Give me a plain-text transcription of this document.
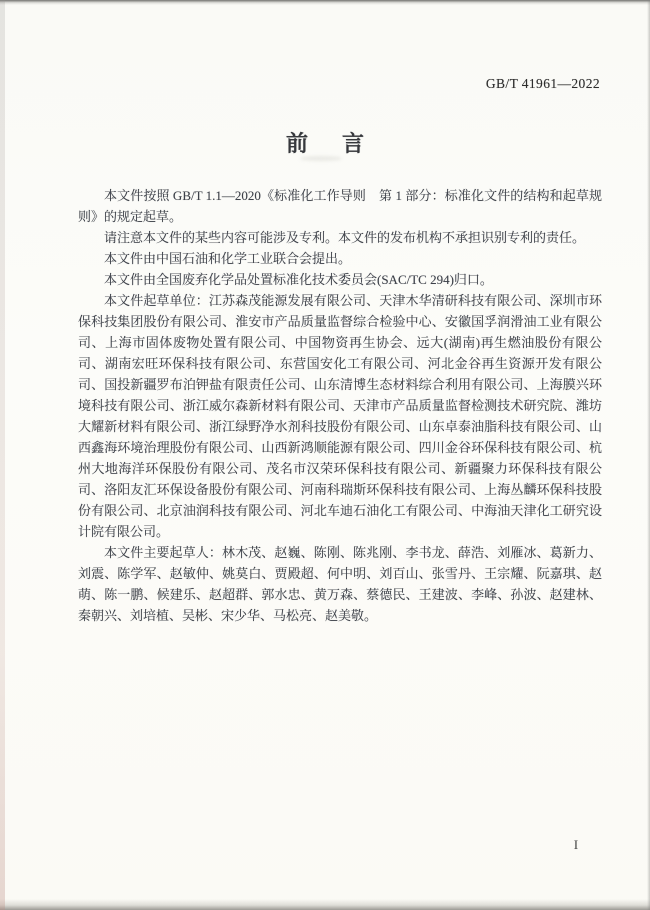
GB/T 41961—2022
前 言

本文件按照 GB/T 1.1—2020《标准化工作导则　第 1 部分：标准化文件的结构和起草规则》的规定起草。

请注意本文件的某些内容可能涉及专利。本文件的发布机构不承担识别专利的责任。

本文件由中国石油和化学工业联合会提出。

本文件由全国废弃化学品处置标准化技术委员会(SAC/TC 294)归口。

本文件起草单位：江苏森茂能源发展有限公司、天津木华清研科技有限公司、深圳市环保科技集团股份有限公司、淮安市产品质量监督综合检验中心、安徽国孚润滑油工业有限公司、上海市固体废物处置有限公司、中国物资再生协会、远大(湖南)再生燃油股份有限公司、湖南宏旺环保科技有限公司、东营国安化工有限公司、河北金谷再生资源开发有限公司、国投新疆罗布泊钾盐有限责任公司、山东清博生态材料综合利用有限公司、上海膜兴环境科技有限公司、浙江威尔森新材料有限公司、天津市产品质量监督检测技术研究院、潍坊大耀新材料有限公司、浙江绿野净水剂科技股份有限公司、山东卓泰油脂科技有限公司、山西鑫海环境治理股份有限公司、山西新鸿顺能源有限公司、四川金谷环保科技有限公司、杭州大地海洋环保股份有限公司、茂名市汉荣环保科技有限公司、新疆聚力环保科技有限公司、洛阳友汇环保设备股份有限公司、河南科瑞斯环保科技有限公司、上海丛麟环保科技股份有限公司、北京油润科技有限公司、河北车迪石油化工有限公司、中海油天津化工研究设计院有限公司。

本文件主要起草人：林木茂、赵巍、陈刚、陈兆刚、李书龙、薛浩、刘雁冰、葛新力、刘震、陈学军、赵敏仲、姚莫白、贾殿超、何中明、刘百山、张雪丹、王宗耀、阮嘉琪、赵萌、陈一鹏、候建乐、赵超群、郭水忠、黄万森、蔡德民、王建波、李峰、孙波、赵建林、秦朝兴、刘培植、吴彬、宋少华、马松亮、赵美敬。

I
